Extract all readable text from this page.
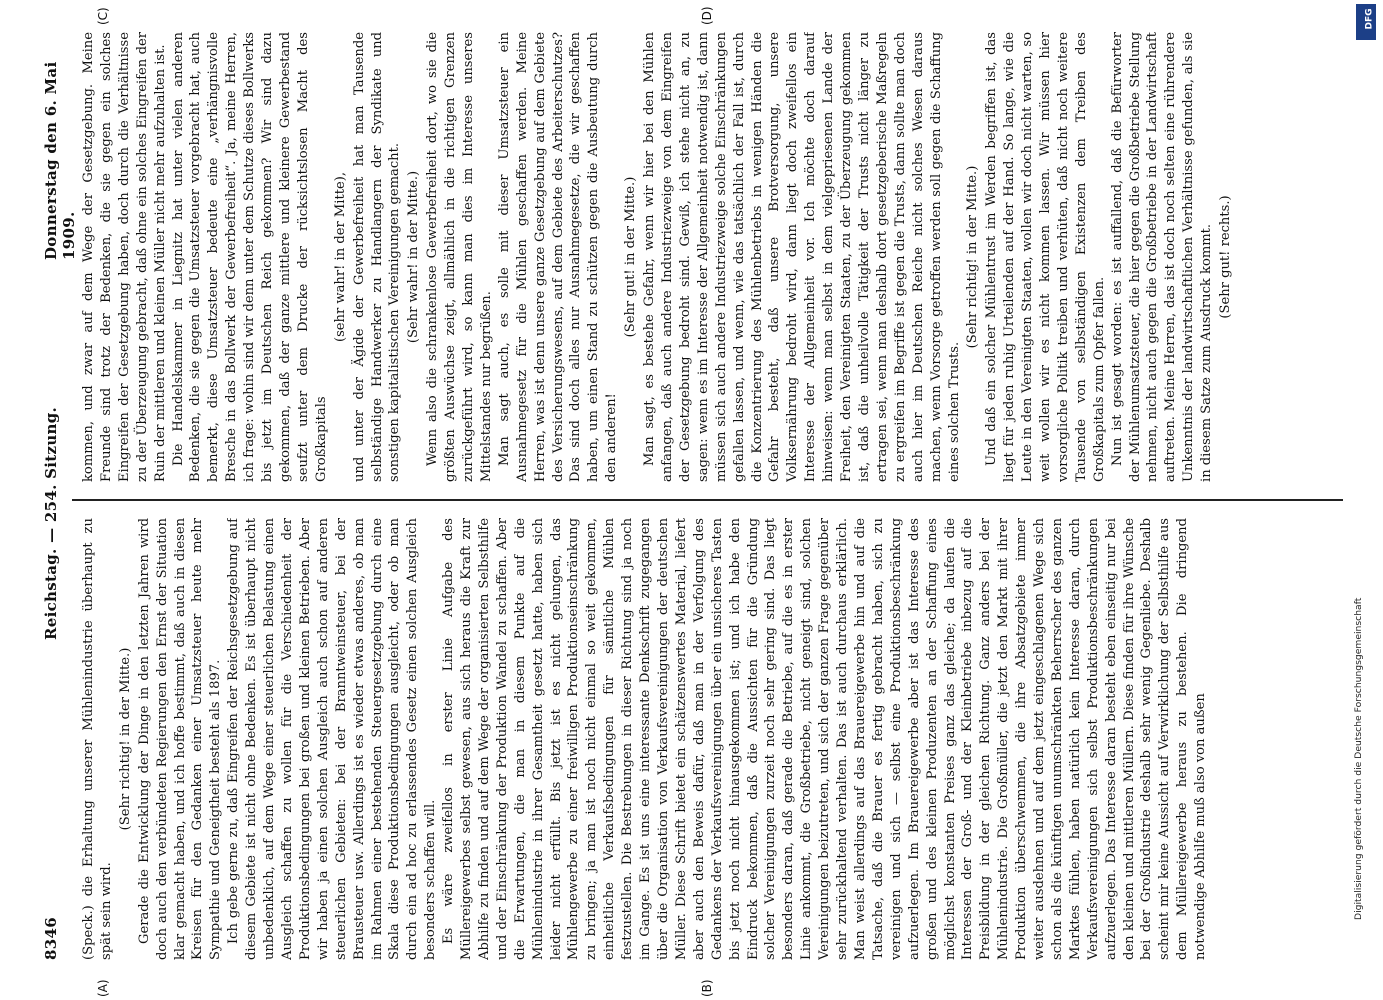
8346
Reichstag. — 254. Sitzung.
Donnerstag den 6. Mai 1909.
(A)	(B)
(C)	(D)

(Speck.) die Erhaltung unserer Mühlenindustrie überhaupt zu spät sein wird.

(Sehr richtig! in der Mitte.) Gerade die Entwicklung der Dinge in den letzten Jahren wird doch auch den verbündeten Regierungen den Ernst der Situation klar gemacht haben, und ich hoffe bestimmt, daß auch in diesen Kreisen für den Gedanken einer Umsatzsteuer heute mehr Sympathie und Geneigtheit besteht als 1897. Ich gebe gerne zu, daß Eingreifen der Reichsgesetzgebung auf diesem Gebiete ist nicht ohne Bedenken. Es ist überhaupt nicht unbedenklich, auf dem Wege einer steuerlichen Belastung einen Ausgleich schaffen zu wollen für die Verschiedenheit der Produktionsbedingungen bei großen und kleinen Betrieben. Aber wir haben ja einen solchen Ausgleich auch schon auf anderen steuerlichen Gebieten: bei der Branntweinsteuer, bei der Brausteuer usw. Allerdings ist es wieder etwas anderes, ob man im Rahmen einer bestehenden Steuergesetzgebung durch eine Skala diese Produktionsbedingungen ausgleicht, oder ob man durch ein ad hoc zu erlassendes Gesetz einen solchen Ausgleich besonders schaffen will. Es wäre zweifellos in erster Linie Aufgabe des Müllereigewerbes selbst gewesen, aus sich heraus die Kraft zur Abhilfe zu finden und auf dem Wege der organisierten Selbsthilfe und der Einschränkung der Produktion Wandel zu schaffen. Aber die Erwartungen, die man in diesem Punkte auf die Mühlenindustrie in ihrer Gesamtheit gesetzt hatte, haben sich leider nicht erfüllt. Bis jetzt ist es nicht gelungen, das Mühlengewerbe zu einer freiwilligen Produktionseinschränkung zu bringen; ja man ist noch nicht einmal so weit gekommen, einheitliche Verkaufsbedingungen für sämtliche Mühlen festzustellen. Die Bestrebungen in dieser Richtung sind ja noch im Gange. Es ist uns eine interessante Denkschrift zugegangen über die Organisation von Verkaufsvereinigungen der deutschen Müller. Diese Schrift bietet ein schätzenswertes Material, liefert aber auch den Beweis dafür, daß man in der Verfolgung des Gedankens der Verkaufsvereinigungen über ein unsicheres Tasten bis jetzt noch nicht hinausgekommen ist; und ich habe den Eindruck bekommen, daß die Aussichten für die Gründung solcher Vereinigungen zurzeit noch sehr gering sind. Das liegt besonders daran, daß gerade die Betriebe, auf die es in erster Linie ankommt, die Großbetriebe, nicht geneigt sind, solchen Vereinigungen beizutreten, und sich der ganzen Frage gegenüber sehr zurückhaltend verhalten. Das ist auch durchaus erklärlich. Man weist allerdings auf das Brauereigewerbe hin und auf die Tatsache, daß die Brauer es fertig gebracht haben, sich zu vereinigen und sich — selbst eine Produktionsbeschränkung aufzuerlegen. Im Brauereigewerbe aber ist das Interesse des großen und des kleinen Produzenten an der Schaffung eines möglichst konstanten Preises ganz das gleiche; da laufen die Interessen der Groß- und der Kleinbetriebe inbezug auf die Preisbildung in der gleichen Richtung. Ganz anders bei der Mühlenindustrie. Die Großmüller, die jetzt den Markt mit ihrer Produktion überschwemmen, die ihre Absatzgebiete immer weiter ausdehnen und auf dem jetzt eingeschlagenen Wege sich schon als die künftigen unumschränkten Beherrscher des ganzen Marktes fühlen, haben natürlich kein Interesse daran, durch Verkaufsvereinigungen sich selbst Produktionsbeschränkungen aufzuerlegen. Das Interesse daran besteht eben einseitig nur bei den kleinen und mittleren Müllern. Diese finden für ihre Wünsche bei der Großindustrie deshalb sehr wenig Gegenliebe. Deshalb scheint mir keine Aussicht auf Verwirklichung der Selbsthilfe aus dem Müllereigewerbe heraus zu bestehen. Die dringend notwendige Abhilfe muß also von außen

kommen, und zwar auf dem Wege der Gesetzgebung. Meine Freunde sind trotz der Bedenken, die sie gegen ein solches Eingreifen der Gesetzgebung haben, doch durch die Verhältnisse zu der Überzeugung gebracht, daß ohne ein solches Eingreifen der Ruin der mittleren und kleinen Müller nicht mehr aufzuhalten ist. Die Handelskammer in Liegnitz hat unter vielen anderen Bedenken, die sie gegen die Umsatzsteuer vorgebracht hat, auch bemerkt, diese Umsatzsteuer bedeute eine „verhängnisvolle Bresche in das Bollwerk der Gewerbefreiheit“. Ja, meine Herren, ich frage: wohin sind wir denn unter dem Schutze dieses Bollwerks bis jetzt im Deutschen Reich gekommen? Wir sind dazu gekommen, daß der ganze mittlere und kleinere Gewerbestand seufzt unter dem Drucke der rücksichtslosen Macht des Großkapitals

(sehr wahr! in der Mitte), und unter der Ägide der Gewerbefreiheit hat man Tausende selbständige Handwerker zu Handlangern der Syndikate und sonstigen kapitalistischen Vereinigungen gemacht. (Sehr wahr! in der Mitte.) Wenn also die schrankenlose Gewerbefreiheit dort, wo sie die größten Auswüchse zeigt, allmählich in die richtigen Grenzen zurückgeführt wird, so kann man dies im Interesse unseres Mittelstandes nur begrüßen. Man sagt auch, es solle mit dieser Umsatzsteuer ein Ausnahmegesetz für die Mühlen geschaffen werden. Meine Herren, was ist denn unsere ganze Gesetzgebung auf dem Gebiete des Versicherungswesens, auf dem Gebiete des Arbeiterschutzes? Das sind doch alles nur Ausnahmegesetze, die wir geschaffen haben, um einen Stand zu schützen gegen die Ausbeutung durch den anderen!

(Sehr gut! in der Mitte.) Man sagt, es bestehe Gefahr, wenn wir hier bei den Mühlen anfangen, daß auch andere Industriezweige von dem Eingreifen der Gesetzgebung bedroht sind. Gewiß, ich stehe nicht an, zu sagen: wenn es im Interesse der Allgemeinheit notwendig ist, dann müssen sich auch andere Industriezweige solche Einschränkungen gefallen lassen, und wenn, wie das tatsächlich der Fall ist, durch die Konzentrierung des Mühlenbetriebs in wenigen Händen die Gefahr besteht, daß unsere Brotversorgung, unsere Volksernährung bedroht wird, dann liegt doch zweifellos ein Interesse der Allgemeinheit vor. Ich möchte doch darauf hinweisen: wenn man selbst in dem vielgepriesenen Lande der Freiheit, den Vereinigten Staaten, zu der Überzeugung gekommen ist, daß die unheilvolle Tätigkeit der Trusts nicht länger zu ertragen sei, wenn man deshalb dort gesetzgeberische Maßregeln zu ergreifen im Begriffe ist gegen die Trusts, dann sollte man doch auch hier im Deutschen Reiche nicht solches Wesen daraus machen, wenn Vorsorge getroffen werden soll gegen die Schaffung eines solchen Trusts.

(Sehr richtig! in der Mitte.) Und daß ein solcher Mühlentrust im Werden begriffen ist, das liegt für jeden ruhig Urteilenden auf der Hand. So lange, wie die Leute in den Vereinigten Staaten, wollen wir doch nicht warten, so weit wollen wir es nicht kommen lassen. Wir müssen hier vorsorgliche Politik treiben und verhüten, daß nicht noch weitere Tausende von selbständigen Existenzen dem Treiben des Großkapitals zum Opfer fallen. Nun ist gesagt worden: es ist auffallend, daß die Befürworter der Mühlenumsatzsteuer, die hier gegen die Großbetriebe Stellung nehmen, nicht auch gegen die Großbetriebe in der Landwirtschaft auftreten. Meine Herren, das ist doch noch selten eine rührendere Unkenntnis der landwirtschaftlichen Verhältnisse gefunden, als sie in diesem Satze zum Ausdruck kommt. (Sehr gut! rechts.)

Digitalisierung gefördert durch die Deutsche Forschungsgemeinschaft
DFG
